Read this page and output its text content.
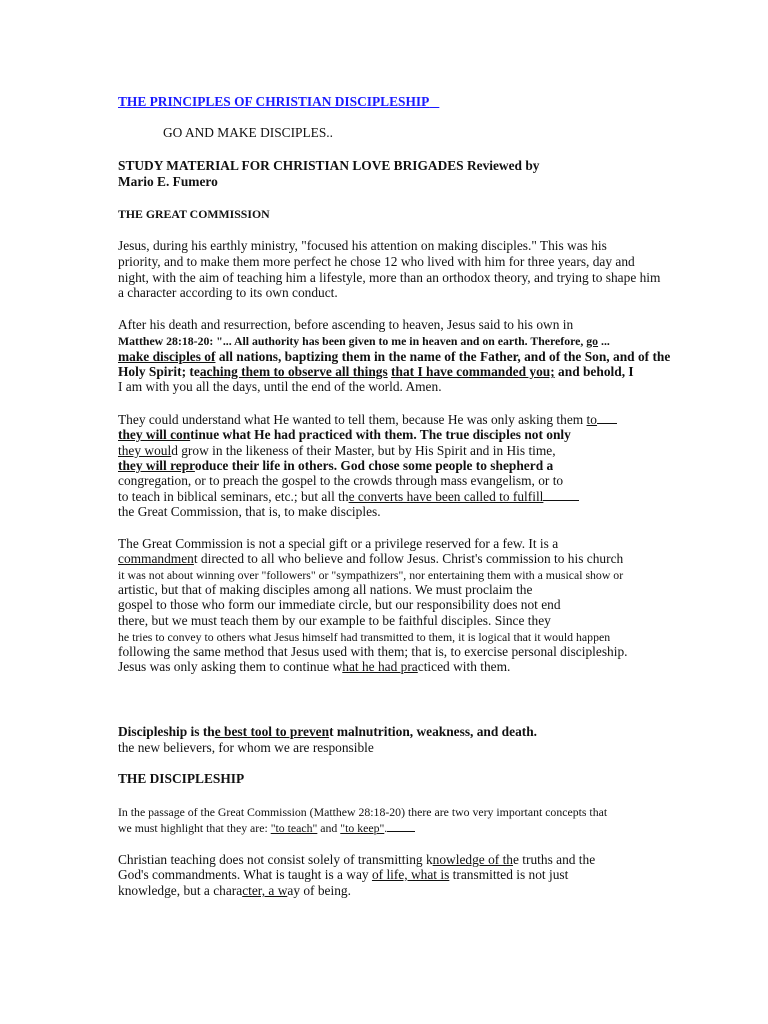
THE PRINCIPLES OF CHRISTIAN DISCIPLESHIP
GO AND MAKE DISCIPLES..
STUDY MATERIAL FOR CHRISTIAN LOVE BRIGADES Reviewed by
Mario E. Fumero
THE GREAT COMMISSION
Jesus, during his earthly ministry, "focused his attention on making disciples." This was his
priority, and to make them more perfect he chose 12 who lived with him for three years, day and
night, with the aim of teaching him a lifestyle, more than an orthodox theory, and trying to shape him
a character according to its own conduct.
After his death and resurrection, before ascending to heaven, Jesus said to his own in
Matthew 28:18-20: "... All authority has been given to me in heaven and on earth. Therefore, go ...
make disciples of all nations, baptizing them in the name of the Father, and of the Son, and of the
Holy Spirit; teaching them to observe all things that I have commanded you; and behold, I
I am with you all the days, until the end of the world. Amen.
They could understand what He wanted to tell them, because He was only asking them to
they will continue what He had practiced with them. The true disciples not only
they would grow in the likeness of their Master, but by His Spirit and in His time,
they will reproduce their life in others. God chose some people to shepherd a
congregation, or to preach the gospel to the crowds through mass evangelism, or to
to teach in biblical seminars, etc.; but all the converts have been called to fulfill
the Great Commission, that is, to make disciples.
The Great Commission is not a special gift or a privilege reserved for a few. It is a
commandment directed to all who believe and follow Jesus. Christ's commission to his church
it was not about winning over "followers" or "sympathizers", nor entertaining them with a musical show or
artistic, but that of making disciples among all nations. We must proclaim the
gospel to those who form our immediate circle, but our responsibility does not end
there, but we must teach them by our example to be faithful disciples. Since they
he tries to convey to others what Jesus himself had transmitted to them, it is logical that it would happen
following the same method that Jesus used with them; that is, to exercise personal discipleship.
Jesus was only asking them to continue what he had practiced with them.
Discipleship is the best tool to prevent malnutrition, weakness, and death.
the new believers, for whom we are responsible
THE DISCIPLESHIP
In the passage of the Great Commission (Matthew 28:18-20) there are two very important concepts that
we must highlight that they are: "to teach" and "to keep".
Christian teaching does not consist solely of transmitting knowledge of the truths and the
God's commandments. What is taught is a way of life, what is transmitted is not just
knowledge, but a character, a way of being.
